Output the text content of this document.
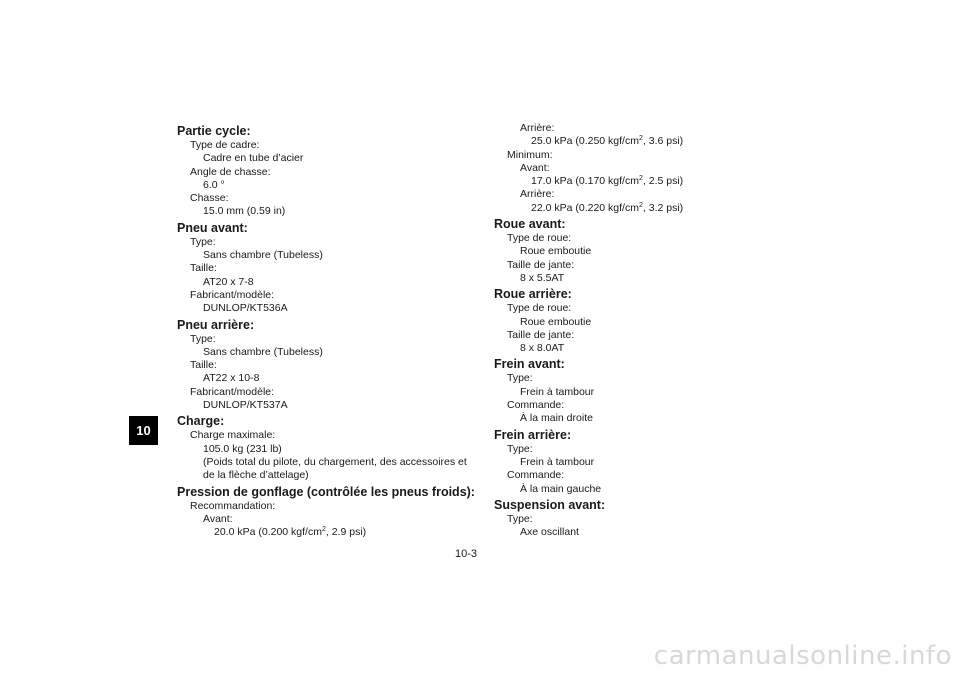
10
Partie cycle:
Type de cadre:
Cadre en tube d’acier
Angle de chasse:
6.0 °
Chasse:
15.0 mm (0.59 in)
Pneu avant:
Type:
Sans chambre (Tubeless)
Taille:
AT20 x 7-8
Fabricant/modèle:
DUNLOP/KT536A
Pneu arrière:
Type:
Sans chambre (Tubeless)
Taille:
AT22 x 10-8
Fabricant/modèle:
DUNLOP/KT537A
Charge:
Charge maximale:
105.0 kg (231 lb)
(Poids total du pilote, du chargement, des accessoires et
de la flèche d’attelage)
Pression de gonflage (contrôlée les pneus froids):
Recommandation:
Avant:
20.0 kPa (0.200 kgf/$cm^2$, 2.9 psi)
Arrière:
25.0 kPa (0.250 kgf/$cm^2$, 3.6 psi)
Minimum:
Avant:
17.0 kPa (0.170 kgf/$cm^2$, 2.5 psi)
Arrière:
22.0 kPa (0.220 kgf/$cm^2$, 3.2 psi)
Roue avant:
Type de roue:
Roue emboutie
Taille de jante:
8 x 5.5AT
Roue arrière:
Type de roue:
Roue emboutie
Taille de jante:
8 x 8.0AT
Frein avant:
Type:
Frein à tambour
Commande:
À la main droite
Frein arrière:
Type:
Frein à tambour
Commande:
À la main gauche
Suspension avant:
Type:
Axe oscillant
10-3
carmanualsonline.info
